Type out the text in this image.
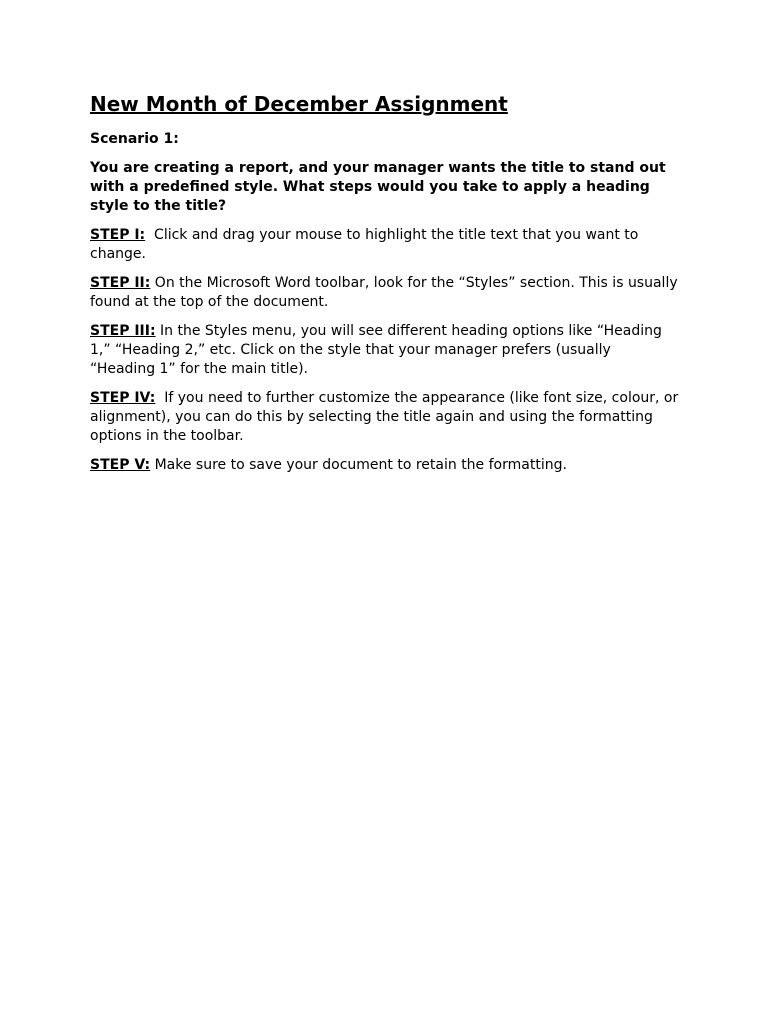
New Month of December Assignment

Scenario 1:

You are creating a report, and your manager wants the title to stand out with a predefined style. What steps would you take to apply a heading style to the title?

STEP I:  Click and drag your mouse to highlight the title text that you want to change.

STEP II: On the Microsoft Word toolbar, look for the “Styles” section. This is usually found at the top of the document.

STEP III: In the Styles menu, you will see different heading options like “Heading 1,” “Heading 2,” etc. Click on the style that your manager prefers (usually “Heading 1” for the main title).

STEP IV:  If you need to further customize the appearance (like font size, colour, or alignment), you can do this by selecting the title again and using the formatting options in the toolbar.

STEP V: Make sure to save your document to retain the formatting.
